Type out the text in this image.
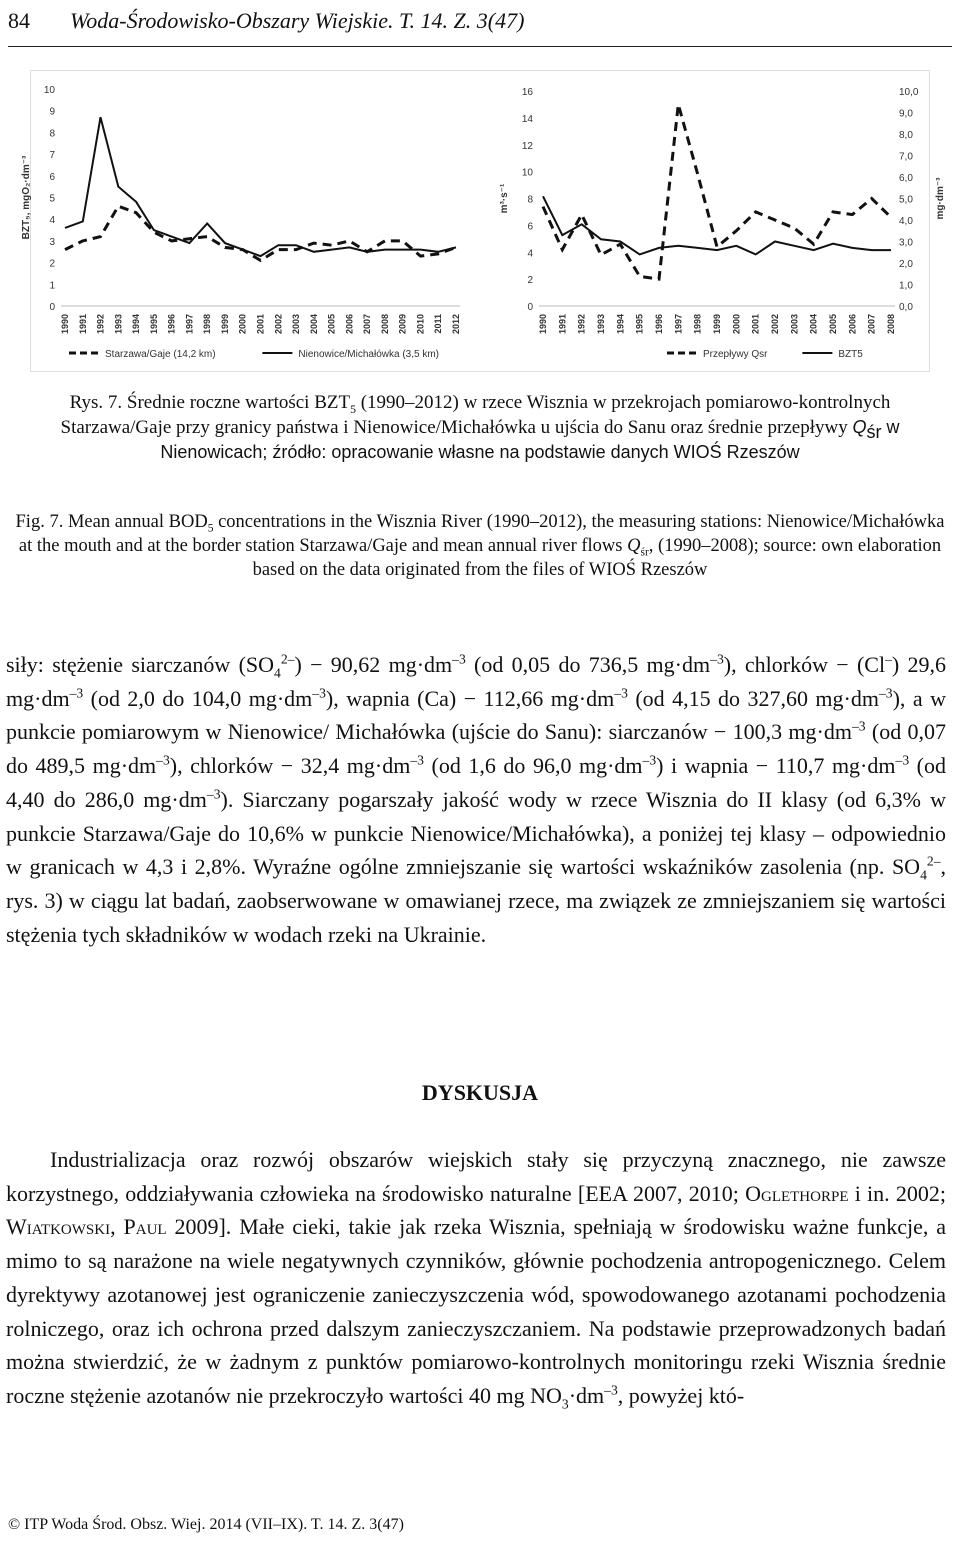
84 Woda-Środowisko-Obszary Wiejskie. T. 14. Z. 3(47)
0
1
2
3
4
5
6
7
8
9
10
BZT₅, mgO₂·dm⁻³
1990 1991 1992 1993 1994 1995 1996 1997 1998 1999 2000 2001 2002 2003 2004 2005 2006 2007 2008 2009 2010 2011 2012
Starzawa/Gaje (14,2 km)	Nienowice/Michałówka (3,5 km)
0
2
4
6
8
10
12
14
16
0,0
1,0
2,0
3,0
4,0
5,0
6,0
7,0
8,0
9,0
10,0
mg·dm⁻³
m³·s⁻¹
1990 1991 1992 1993 1994 1995 1996 1997 1998 1999 2000 2001 2002 2003 2004 2005 2006 2007 2008
Przepływy Qsr	BZT5
Rys. 7. Średnie roczne wartości $BZT_5$ (1990–2012) w rzece Wisznia w przekrojach pomiarowo-kontrolnych Starzawa/Gaje przy granicy państwa i Nienowice/Michałówka u ujścia do Sanu oraz średnie przepływy $Q_{śr}$ w Nienowicach; źródło: opracowanie własne na podstawie danych WIOŚ Rzeszów
Fig. 7. Mean annual $BOD_5$ concentrations in the Wisznia River (1990–2012), the measuring stations: Nienowice/Michałówka at the mouth and at the border station Starzawa/Gaje and mean annual river flows $Q_{śr}$, (1990–2008); source: own elaboration based on the data originated from the files of WIOŚ Rzeszów
siły: stężenie siarczanów $(SO_4^{2-}) - 90,62$ $mg\cdot dm^{-3}$ (od 0,05 do 736,5 $mg\cdot dm^{-3}$), chlorków − (Cl–) 29,6 $mg\cdot dm^{-3}$ (od 2,0 do 104,0 $mg\cdot dm^{-3}$), wapnia (Ca) − 112,66 $mg\cdot dm^{-3}$ (od 4,15 do 327,60 $mg\cdot dm^{-3}$), a w punkcie pomiarowym w Nienowice/ Michałówka (ujście do Sanu): siarczanów − 100,3 $mg\cdot dm^{-3}$ (od 0,07 do 489,5 $mg\cdot dm^{-3}$), chlorków − 32,4 $mg\cdot dm^{-3}$ (od 1,6 do 96,0 $mg\cdot dm^{-3}$) i wapnia − 110,7 $mg\cdot dm^{-3}$ (od 4,40 do 286,0 $mg\cdot dm^{-3}$). Siarczany pogarszały jakość wody w rzece Wisznia do II klasy (od 6,3% w punkcie Starzawa/Gaje do 10,6% w punkcie Nienowice/Michałówka), a poniżej tej klasy – odpowiednio w granicach w 4,3 i 2,8%. Wyraźne ogólne zmniejszanie się wartości wskaźników zasolenia (np. $SO_4^{2-}$, rys. 3) w ciągu lat badań, zaobserwowane w omawianej rzece, ma związek ze zmniejszaniem się wartości stężenia tych składników w wodach rzeki na Ukrainie.
DYSKUSJA
Industrializacja oraz rozwój obszarów wiejskich stały się przyczyną znacznego, nie zawsze korzystnego, oddziaływania człowieka na środowisko naturalne [EEA 2007, 2010; Oglethorpe i in. 2002; Wiatkowski, Paul 2009]. Małe cieki, takie jak rzeka Wisznia, spełniają w środowisku ważne funkcje, a mimo to są narażone na wiele negatywnych czynników, głównie pochodzenia antropogenicznego. Celem dyrektywy azotanowej jest ograniczenie zanieczyszczenia wód, spowodowanego azotanami pochodzenia rolniczego, oraz ich ochrona przed dalszym zanieczyszczaniem. Na podstawie przeprowadzonych badań można stwierdzić, że w żadnym z punktów pomiarowo-kontrolnych monitoringu rzeki Wisznia średnie roczne stężenie azotanów nie przekroczyło wartości 40 mg $NO_3\cdot dm^{-3}$, powyżej któ-
© ITP Woda Środ. Obsz. Wiej. 2014 (VII–IX). T. 14. Z. 3(47)
